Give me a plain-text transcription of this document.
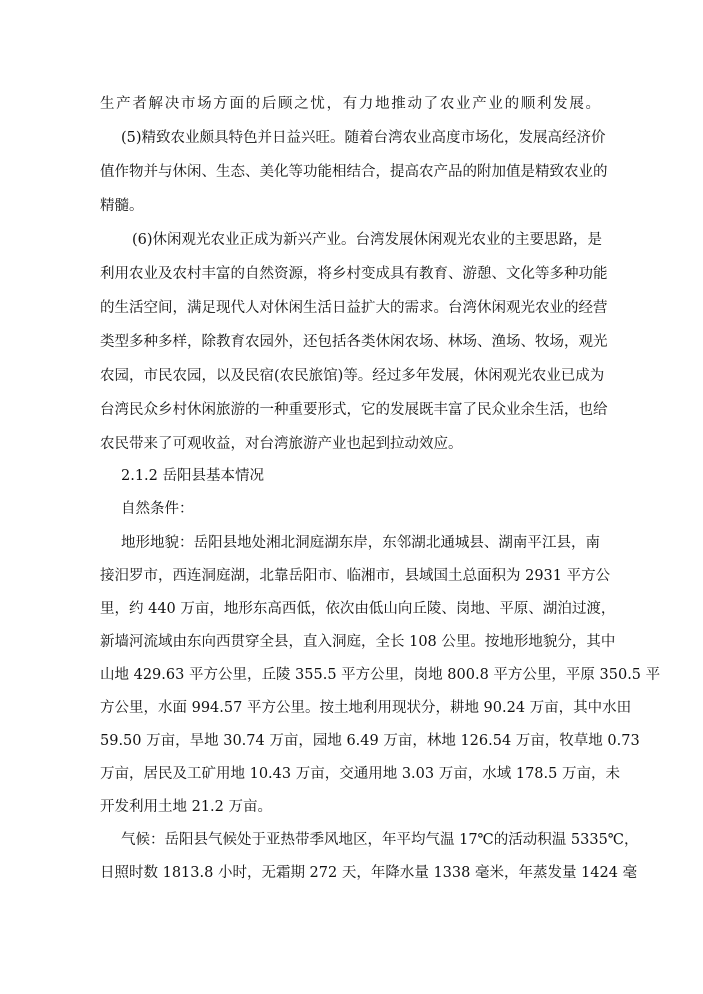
生产者解决市场方面的后顾之忧，有力地推动了农业产业的顺利发展。
(5)精致农业颇具特色并日益兴旺。随着台湾农业高度市场化，发展高经济价
值作物并与休闲、生态、美化等功能相结合，提高农产品的附加值是精致农业的
精髓。
(6)休闲观光农业正成为新兴产业。台湾发展休闲观光农业的主要思路，是
利用农业及农村丰富的自然资源，将乡村变成具有教育、游憩、文化等多种功能
的生活空间，满足现代人对休闲生活日益扩大的需求。台湾休闲观光农业的经营
类型多种多样，除教育农园外，还包括各类休闲农场、林场、渔场、牧场，观光
农园，市民农园，以及民宿(农民旅馆)等。经过多年发展，休闲观光农业已成为
台湾民众乡村休闲旅游的一种重要形式，它的发展既丰富了民众业余生活，也给
农民带来了可观收益，对台湾旅游产业也起到拉动效应。
2.1.2 岳阳县基本情况
自然条件：
地形地貌：岳阳县地处湘北洞庭湖东岸，东邻湖北通城县、湖南平江县，南
接汨罗市，西连洞庭湖，北靠岳阳市、临湘市，县域国土总面积为 2931 平方公
里，约 440 万亩，地形东高西低，依次由低山向丘陵、岗地、平原、湖泊过渡，
新墙河流域由东向西贯穿全县，直入洞庭，全长 108 公里。按地形地貌分，其中
山地 429.63 平方公里，丘陵 355.5 平方公里，岗地 800.8 平方公里，平原 350.5 平
方公里，水面 994.57 平方公里。按土地利用现状分，耕地 90.24 万亩，其中水田
59.50 万亩，旱地 30.74 万亩，园地 6.49 万亩，林地 126.54 万亩，牧草地 0.73
万亩，居民及工矿用地 10.43 万亩，交通用地 3.03 万亩，水域 178.5 万亩，未
开发利用土地 21.2 万亩。
气候：岳阳县气候处于亚热带季风地区，年平均气温 17℃的活动积温 5335℃，
日照时数 1813.8 小时，无霜期 272 天，年降水量 1338 毫米，年蒸发量 1424 毫
